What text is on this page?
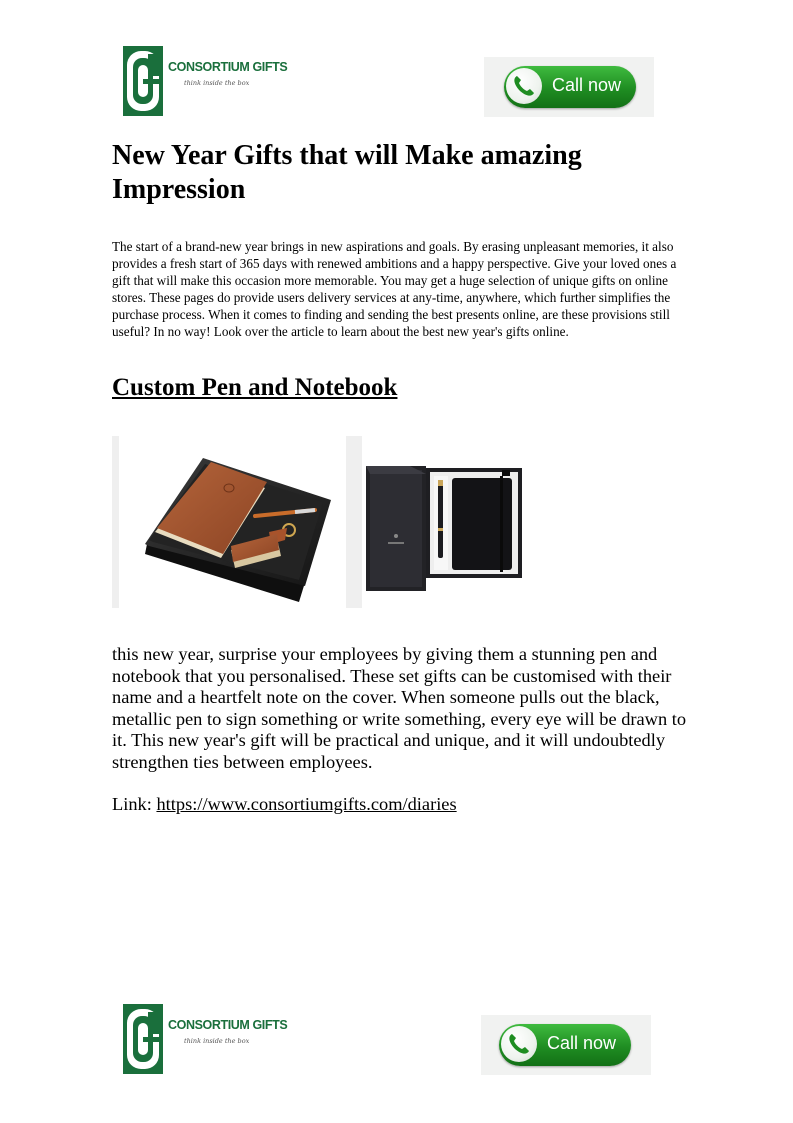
CONSORTIUM GIFTS
think inside the box	Call now
New Year Gifts that will Make amazing Impression

The start of a brand-new year brings in new aspirations and goals. By erasing unpleasant memories, it also provides a fresh start of 365 days with renewed ambitions and a happy perspective. Give your loved ones a gift that will make this occasion more memorable. You may get a huge selection of unique gifts on online stores. These pages do provide users delivery services at any-time, anywhere, which further simplifies the purchase process. When it comes to finding and sending the best presents online, are these provisions still useful? In no way! Look over the article to learn about the best new year's gifts online.

Custom Pen and Notebook

this new year, surprise your employees by giving them a stunning pen and notebook that you personalised. These set gifts can be customised with their name and a heartfelt note on the cover. When someone pulls out the black, metallic pen to sign something or write something, every eye will be drawn to it. This new year's gift will be practical and unique, and it will undoubtedly strengthen ties between employees.

Link: https://www.consortiumgifts.com/diaries

CONSORTIUM GIFTS
think inside the box	Call now
